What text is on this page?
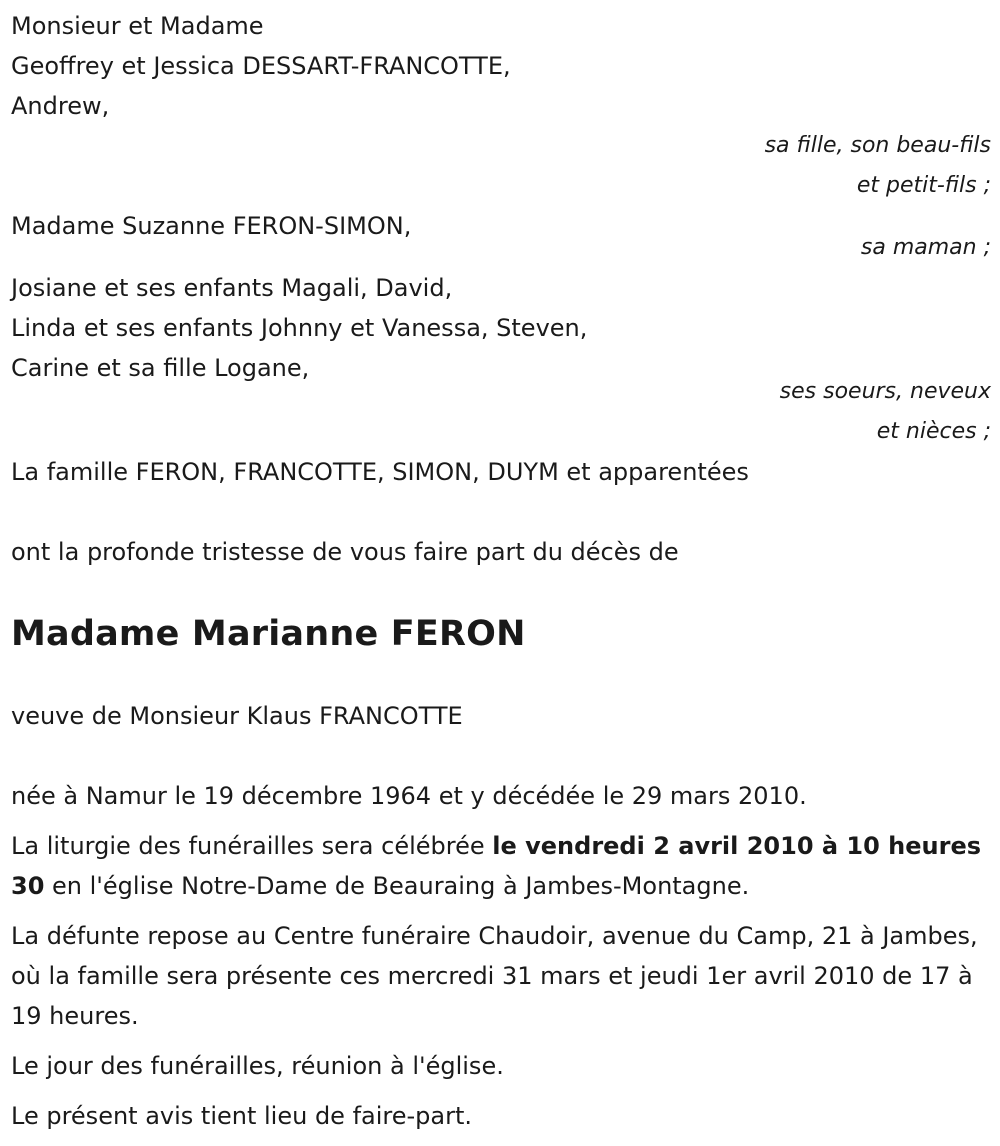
Monsieur et Madame

Geoffrey et Jessica DESSART-FRANCOTTE,

Andrew,

sa fille, son beau-fils

et petit-fils ;

Madame Suzanne FERON-SIMON,

sa maman ;

Josiane et ses enfants Magali, David,

Linda et ses enfants Johnny et Vanessa, Steven,

Carine et sa fille Logane,

ses soeurs, neveux

et nièces ;

La famille FERON, FRANCOTTE, SIMON, DUYM et apparentées

ont la profonde tristesse de vous faire part du décès de

Madame Marianne FERON

veuve de Monsieur Klaus FRANCOTTE

née à Namur le 19 décembre 1964 et y décédée le 29 mars 2010.

La liturgie des funérailles sera célébrée le vendredi 2 avril 2010 à 10 heures 30 en l'église Notre-Dame de Beauraing à Jambes-Montagne.

La défunte repose au Centre funéraire Chaudoir, avenue du Camp, 21 à Jambes, où la famille sera présente ces mercredi 31 mars et jeudi 1er avril 2010 de 17 à 19 heures.

Le jour des funérailles, réunion à l'église.

Le présent avis tient lieu de faire-part.
